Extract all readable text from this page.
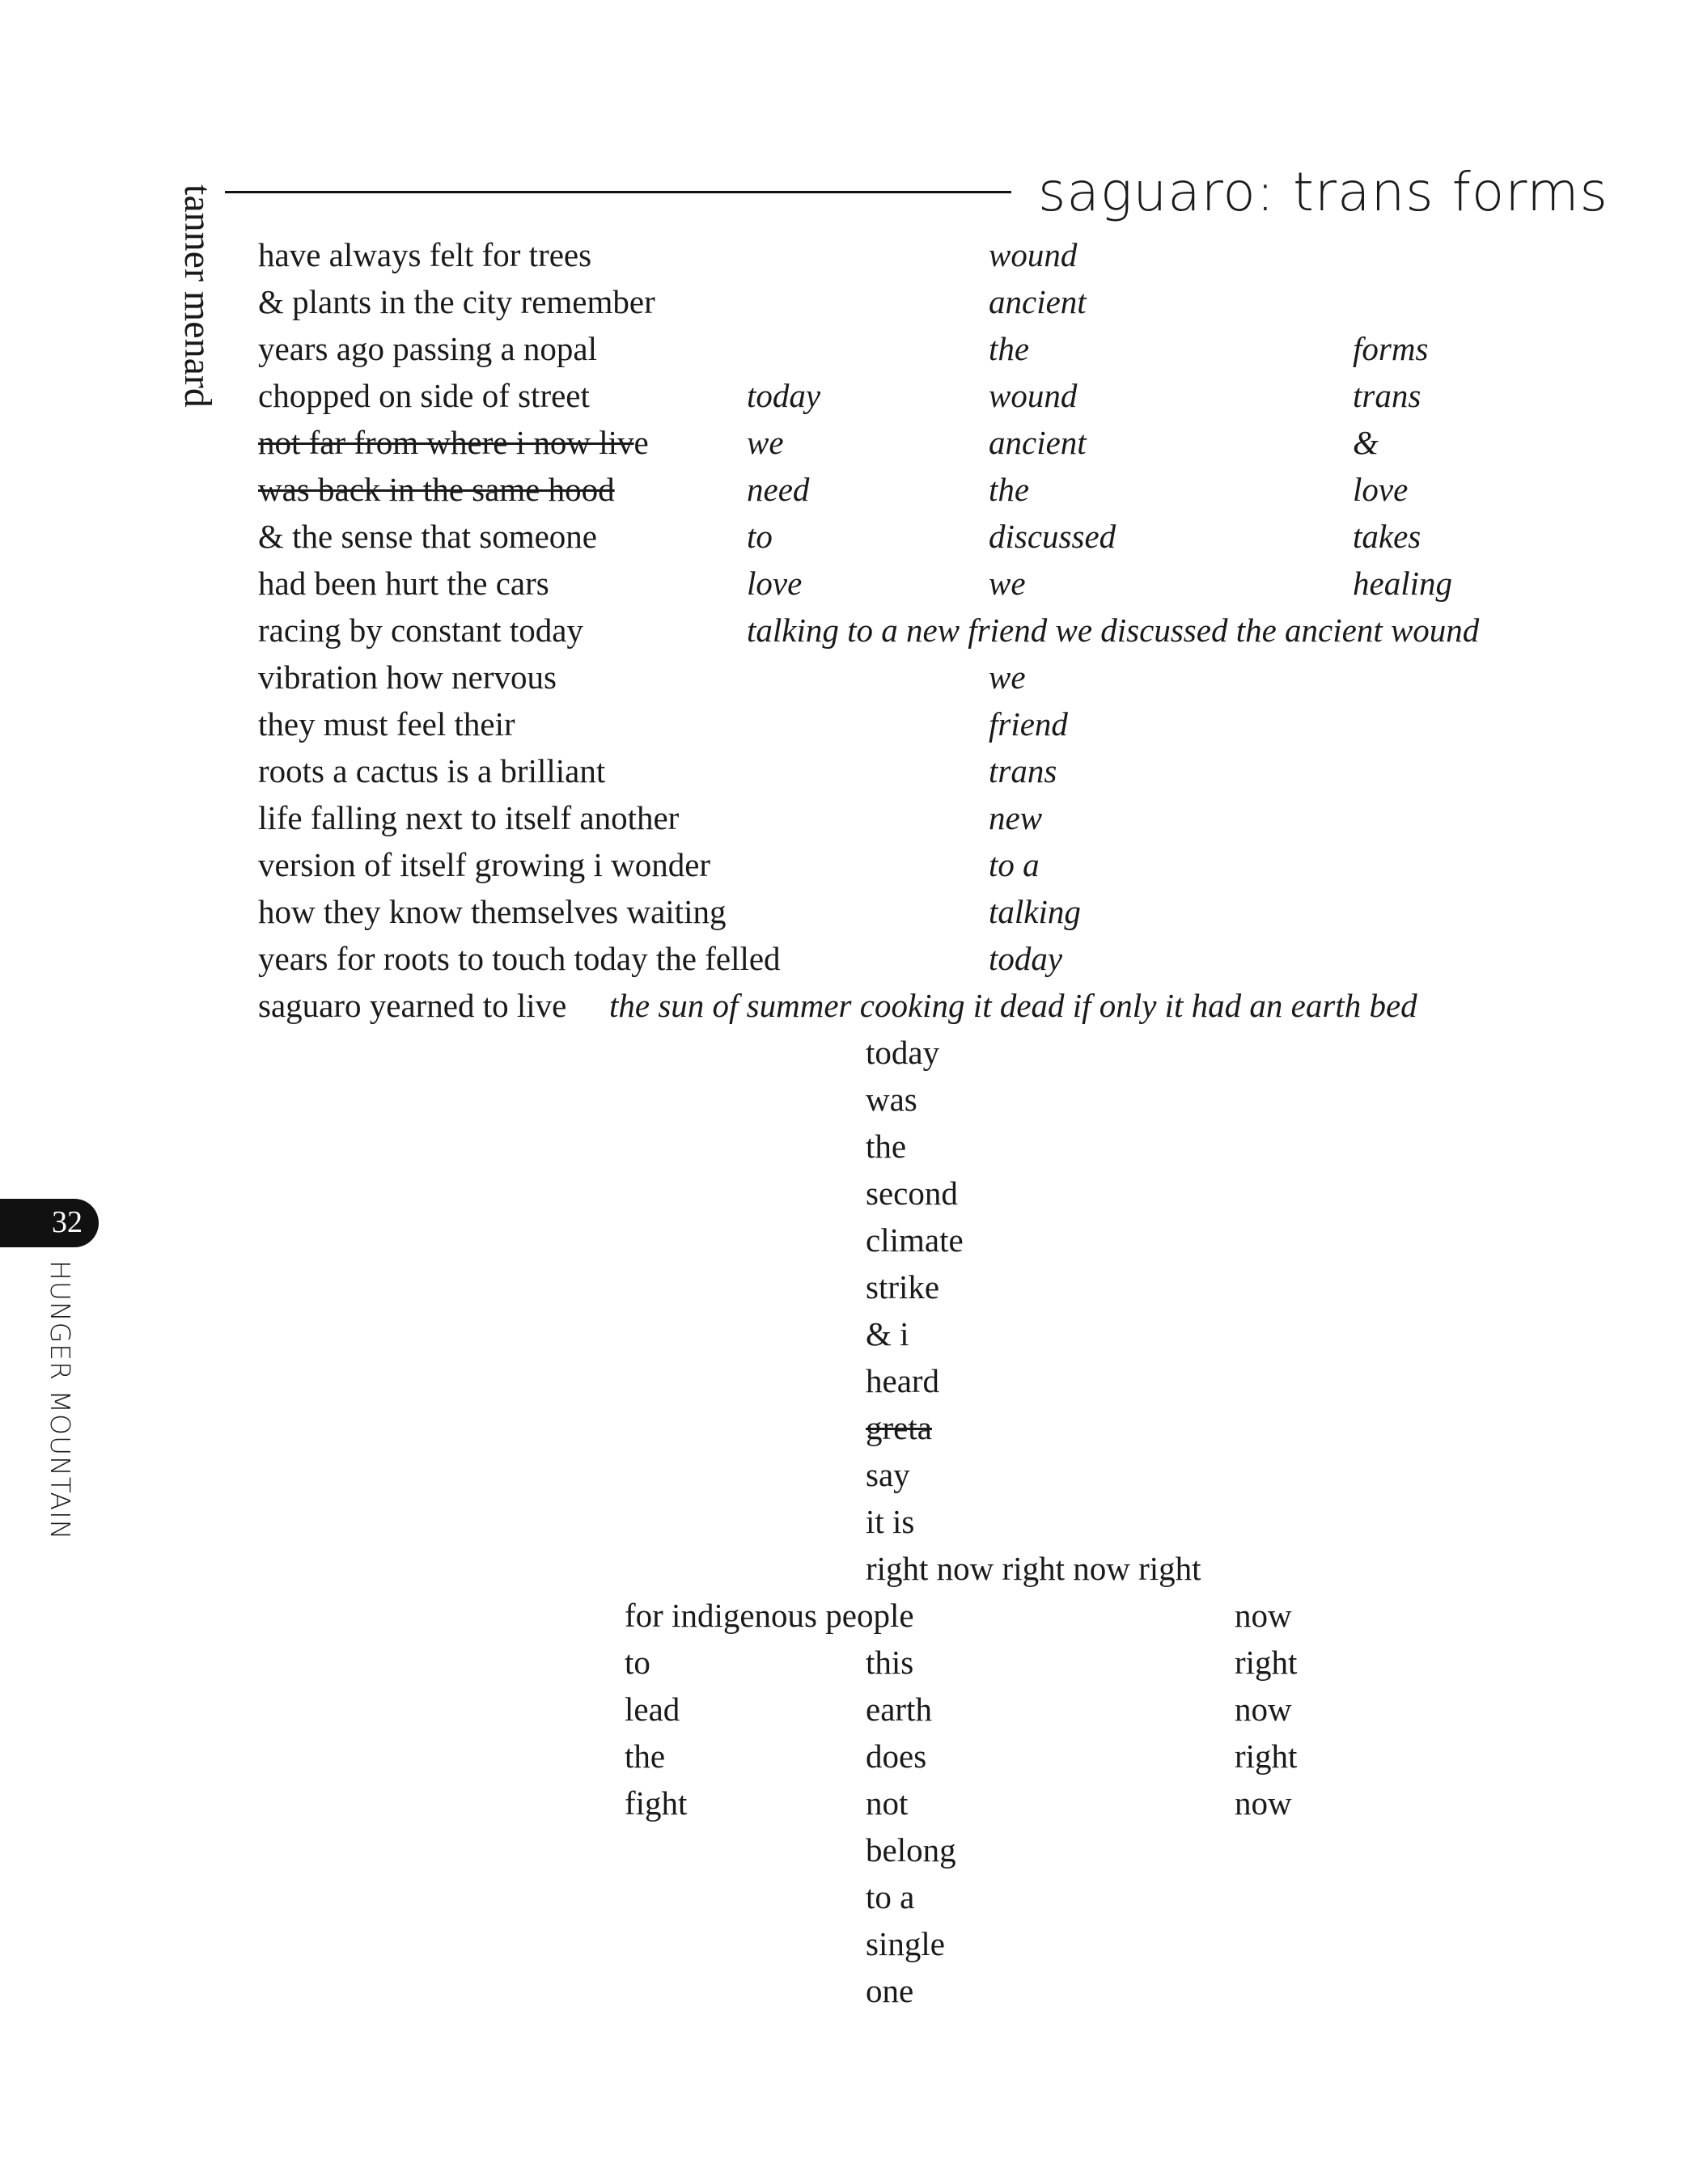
tanner menard	saguaro: trans forms
have always felt for trees
& plants in the city remember
years ago passing a nopal
chopped on side of street
not far from where i now live
was back in the same hood
& the sense that someone
had been hurt the cars
racing by constant today
vibration how nervous
they must feel their
roots a cactus is a brilliant
life falling next to itself another
version of itself growing i wonder
how they know themselves waiting
years for roots to touch today the felled
saguaro yearned to live the sun of summer cooking it dead if only it had an earth bed
today
we
need
to
love
talking to a new friend we discussed the ancient wound
wound
ancient
the
wound
ancient
the
discussed
we
we
friend
trans
new
to a
talking
today
forms
trans
&
love
takes
healing
today
was
the
second
climate
strike
& i
heard
greta
say
it is
right now right now right
this
earth
does
not
belong
to a
single
one
for indigenous people
to
lead
the
fight
now
right
now
right
now
32
HUNGER MOUNTAIN
